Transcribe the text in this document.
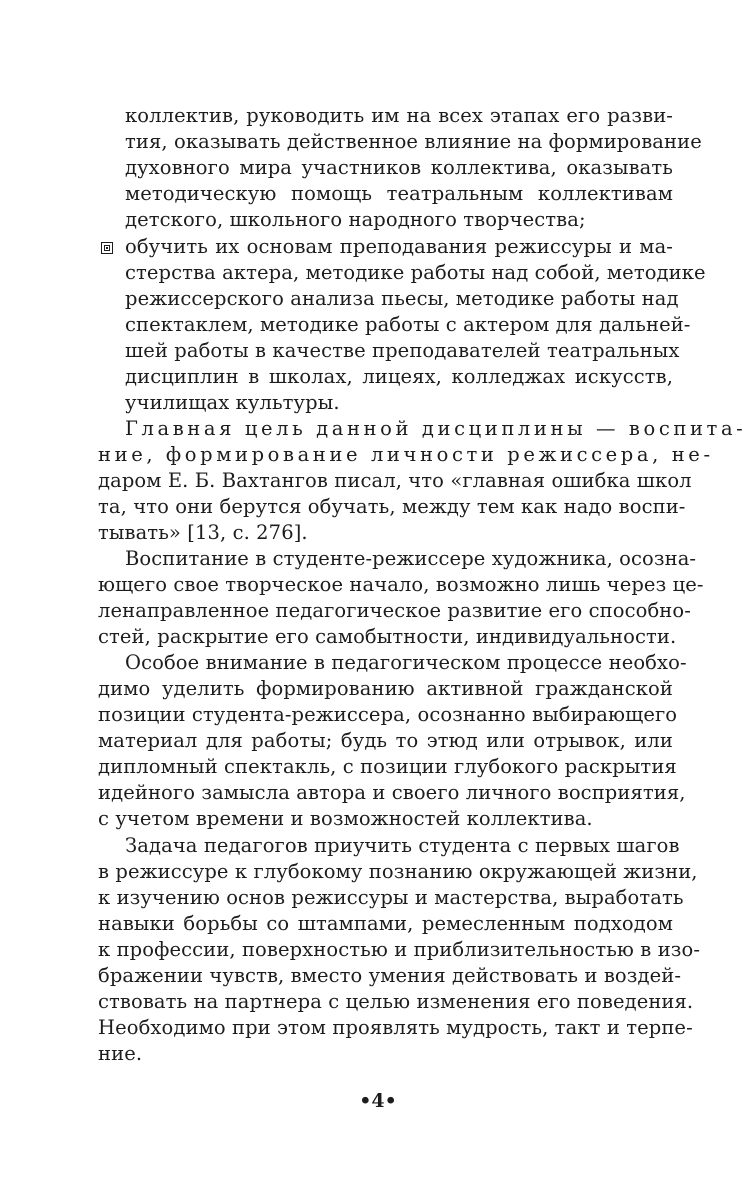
коллектив, руководить им на всех этапах его разви-
тия, оказывать действенное влияние на формирование
духовного мира участников коллектива, оказывать
методическую помощь театральным коллективам
детского, школьного народного творчества;
обучить их основам преподавания режиссуры и ма-
стерства актера, методике работы над собой, методике
режиссерского анализа пьесы, методике работы над
спектаклем, методике работы с актером для дальней-
шей работы в качестве преподавателей театральных
дисциплин в школах, лицеях, колледжах искусств,
училищах культуры.
Главная цель данной дисциплины — воспита-
ние, формирование личности режиссера, не-
даром Е. Б. Вахтангов писал, что «главная ошибка школ
та, что они берутся обучать, между тем как надо воспи-
тывать» [13, с. 276].
Воспитание в студенте-режиссере художника, осозна-
ющего свое творческое начало, возможно лишь через це-
ленаправленное педагогическое развитие его способно-
стей, раскрытие его самобытности, индивидуальности.
Особое внимание в педагогическом процессе необхо-
димо уделить формированию активной гражданской
позиции студента-режиссера, осознанно выбирающего
материал для работы; будь то этюд или отрывок, или
дипломный спектакль, с позиции глубокого раскрытия
идейного замысла автора и своего личного восприятия,
с учетом времени и возможностей коллектива.
Задача педагогов приучить студента с первых шагов
в режиссуре к глубокому познанию окружающей жизни,
к изучению основ режиссуры и мастерства, выработать
навыки борьбы со штампами, ремесленным подходом
к профессии, поверхностью и приблизительностью в изо-
бражении чувств, вместо умения действовать и воздей-
ствовать на партнера с целью изменения его поведения.
Необходимо при этом проявлять мудрость, такт и терпе-
ние.
•4•
